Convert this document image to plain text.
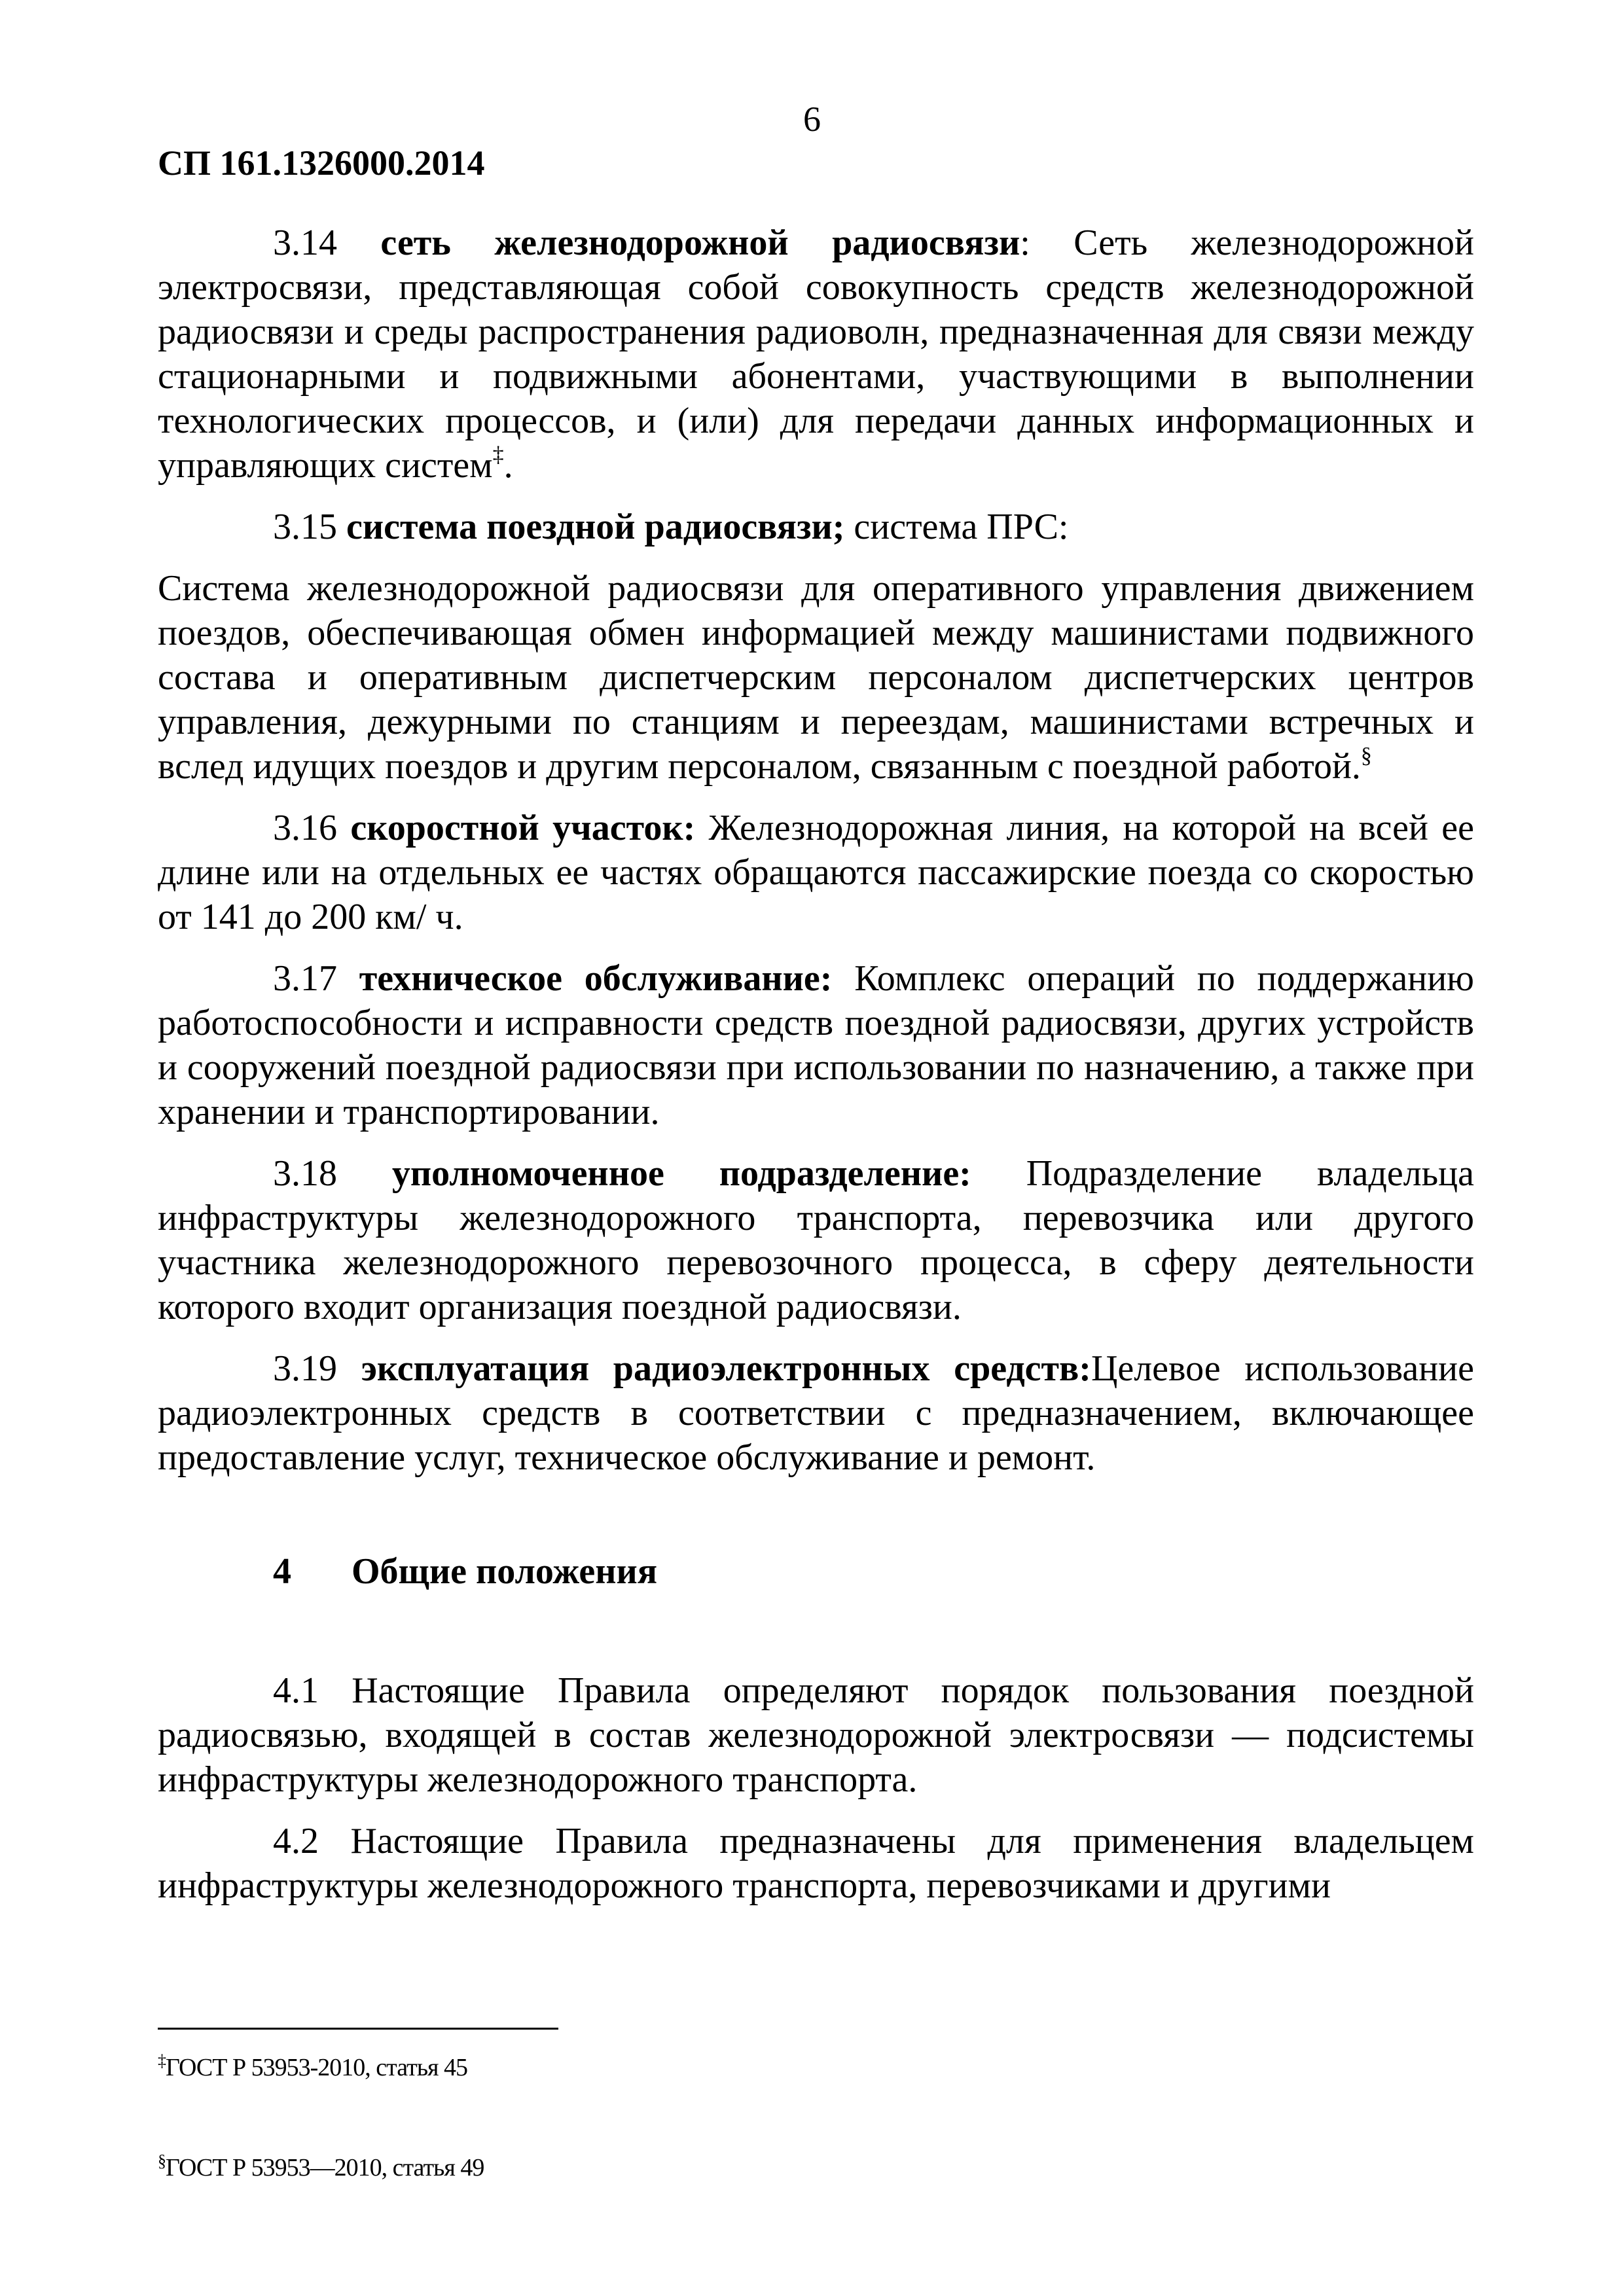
6
СП 161.1326000.2014

3.14 сеть железнодорожной радиосвязи: Сеть железнодорожной электросвязи, представляющая собой совокупность средств железнодорожной радиосвязи и среды распространения радиоволн, предназначенная для связи между стационарными и подвижными абонентами, участвующими в выполнении технологических процессов, и (или) для передачи данных информационных и управляющих систем‡.

3.15 система поездной радиосвязи; система ПРС:

Система железнодорожной радиосвязи для оперативного управления движением поездов, обеспечивающая обмен информацией между машинистами подвижного состава и оперативным диспетчерским персоналом диспетчерских центров управления, дежурными по станциям и переездам, машинистами встречных и вслед идущих поездов и другим персоналом, связанным с поездной работой.§

3.16 скоростной участок: Железнодорожная линия, на которой на всей ее длине или на отдельных ее частях обращаются пассажирские поезда со скоростью от 141 до 200 км/ ч.

3.17 техническое обслуживание: Комплекс операций по поддержанию работоспособности и исправности средств поездной радиосвязи, других устройств и сооружений поездной радиосвязи при использовании по назначению, а также при хранении и транспортировании.

3.18 уполномоченное подразделение: Подразделение владельца инфраструктуры железнодорожного транспорта, перевозчика или другого участника железнодорожного перевозочного процесса, в сферу деятельности которого входит организация поездной радиосвязи.

3.19 эксплуатация радиоэлектронных средств:Целевое использование радиоэлектронных средств в соответствии с предназначением, включающее предоставление услуг, техническое обслуживание и ремонт.

4 Общие положения

4.1 Настоящие Правила определяют порядок пользования поездной радиосвязью, входящей в состав железнодорожной электросвязи — подсистемы инфраструктуры железнодорожного транспорта.

4.2 Настоящие Правила предназначены для применения владельцем инфраструктуры железнодорожного транспорта, перевозчиками и другими

‡ГОСТ Р 53953-2010, статья 45
§ГОСТ Р 53953—2010, статья 49
